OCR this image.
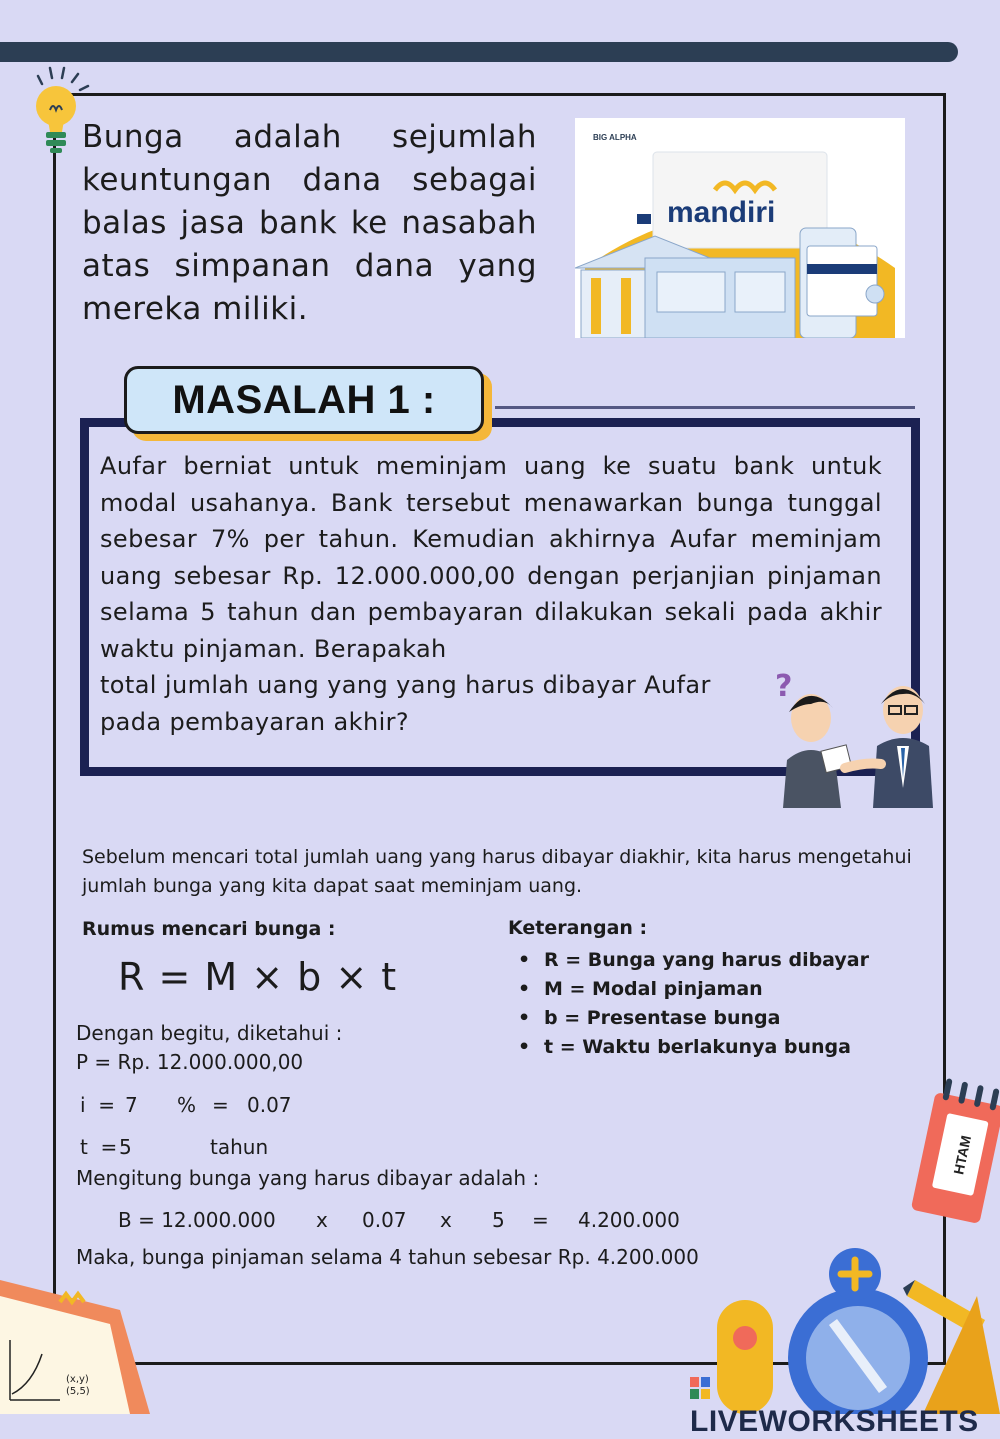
Bunga adalah sejumlah keuntungan dana sebagai balas jasa bank ke nasabah atas simpanan dana yang mereka miliki.
BIG ALPHA
mandiri
MASALAH 1 :
Aufar berniat untuk meminjam uang ke suatu bank untuk modal usahanya. Bank tersebut menawarkan bunga tunggal sebesar 7% per tahun. Kemudian akhirnya Aufar meminjam uang sebesar Rp. 12.000.000,00 dengan perjanjian pinjaman selama 5 tahun dan pembayaran dilakukan sekali pada akhir waktu pinjaman. Berapakah
total jumlah uang yang yang harus dibayar Aufar
pada pembayaran akhir?
?
Sebelum mencari total jumlah uang yang harus dibayar diakhir, kita harus mengetahui jumlah bunga yang kita dapat saat meminjam uang.
Rumus mencari bunga :
R = M × b × t
Keterangan :
• R = Bunga yang harus dibayar
• M = Modal pinjaman
• b = Presentase bunga
• t = Waktu berlakunya bunga
Dengan begitu, diketahui :
P = Rp. 12.000.000,00
i  = 7 % = 0.07
t  = 5	tahun
Mengitung bunga yang harus dibayar adalah :
B = 12.000.000 x 0.07 x 5 = 4.200.000
Maka, bunga pinjaman selama 4 tahun sebesar Rp. 4.200.000
(x,y)
(5,5)
HTAM
LIVEWORKSHEETS
